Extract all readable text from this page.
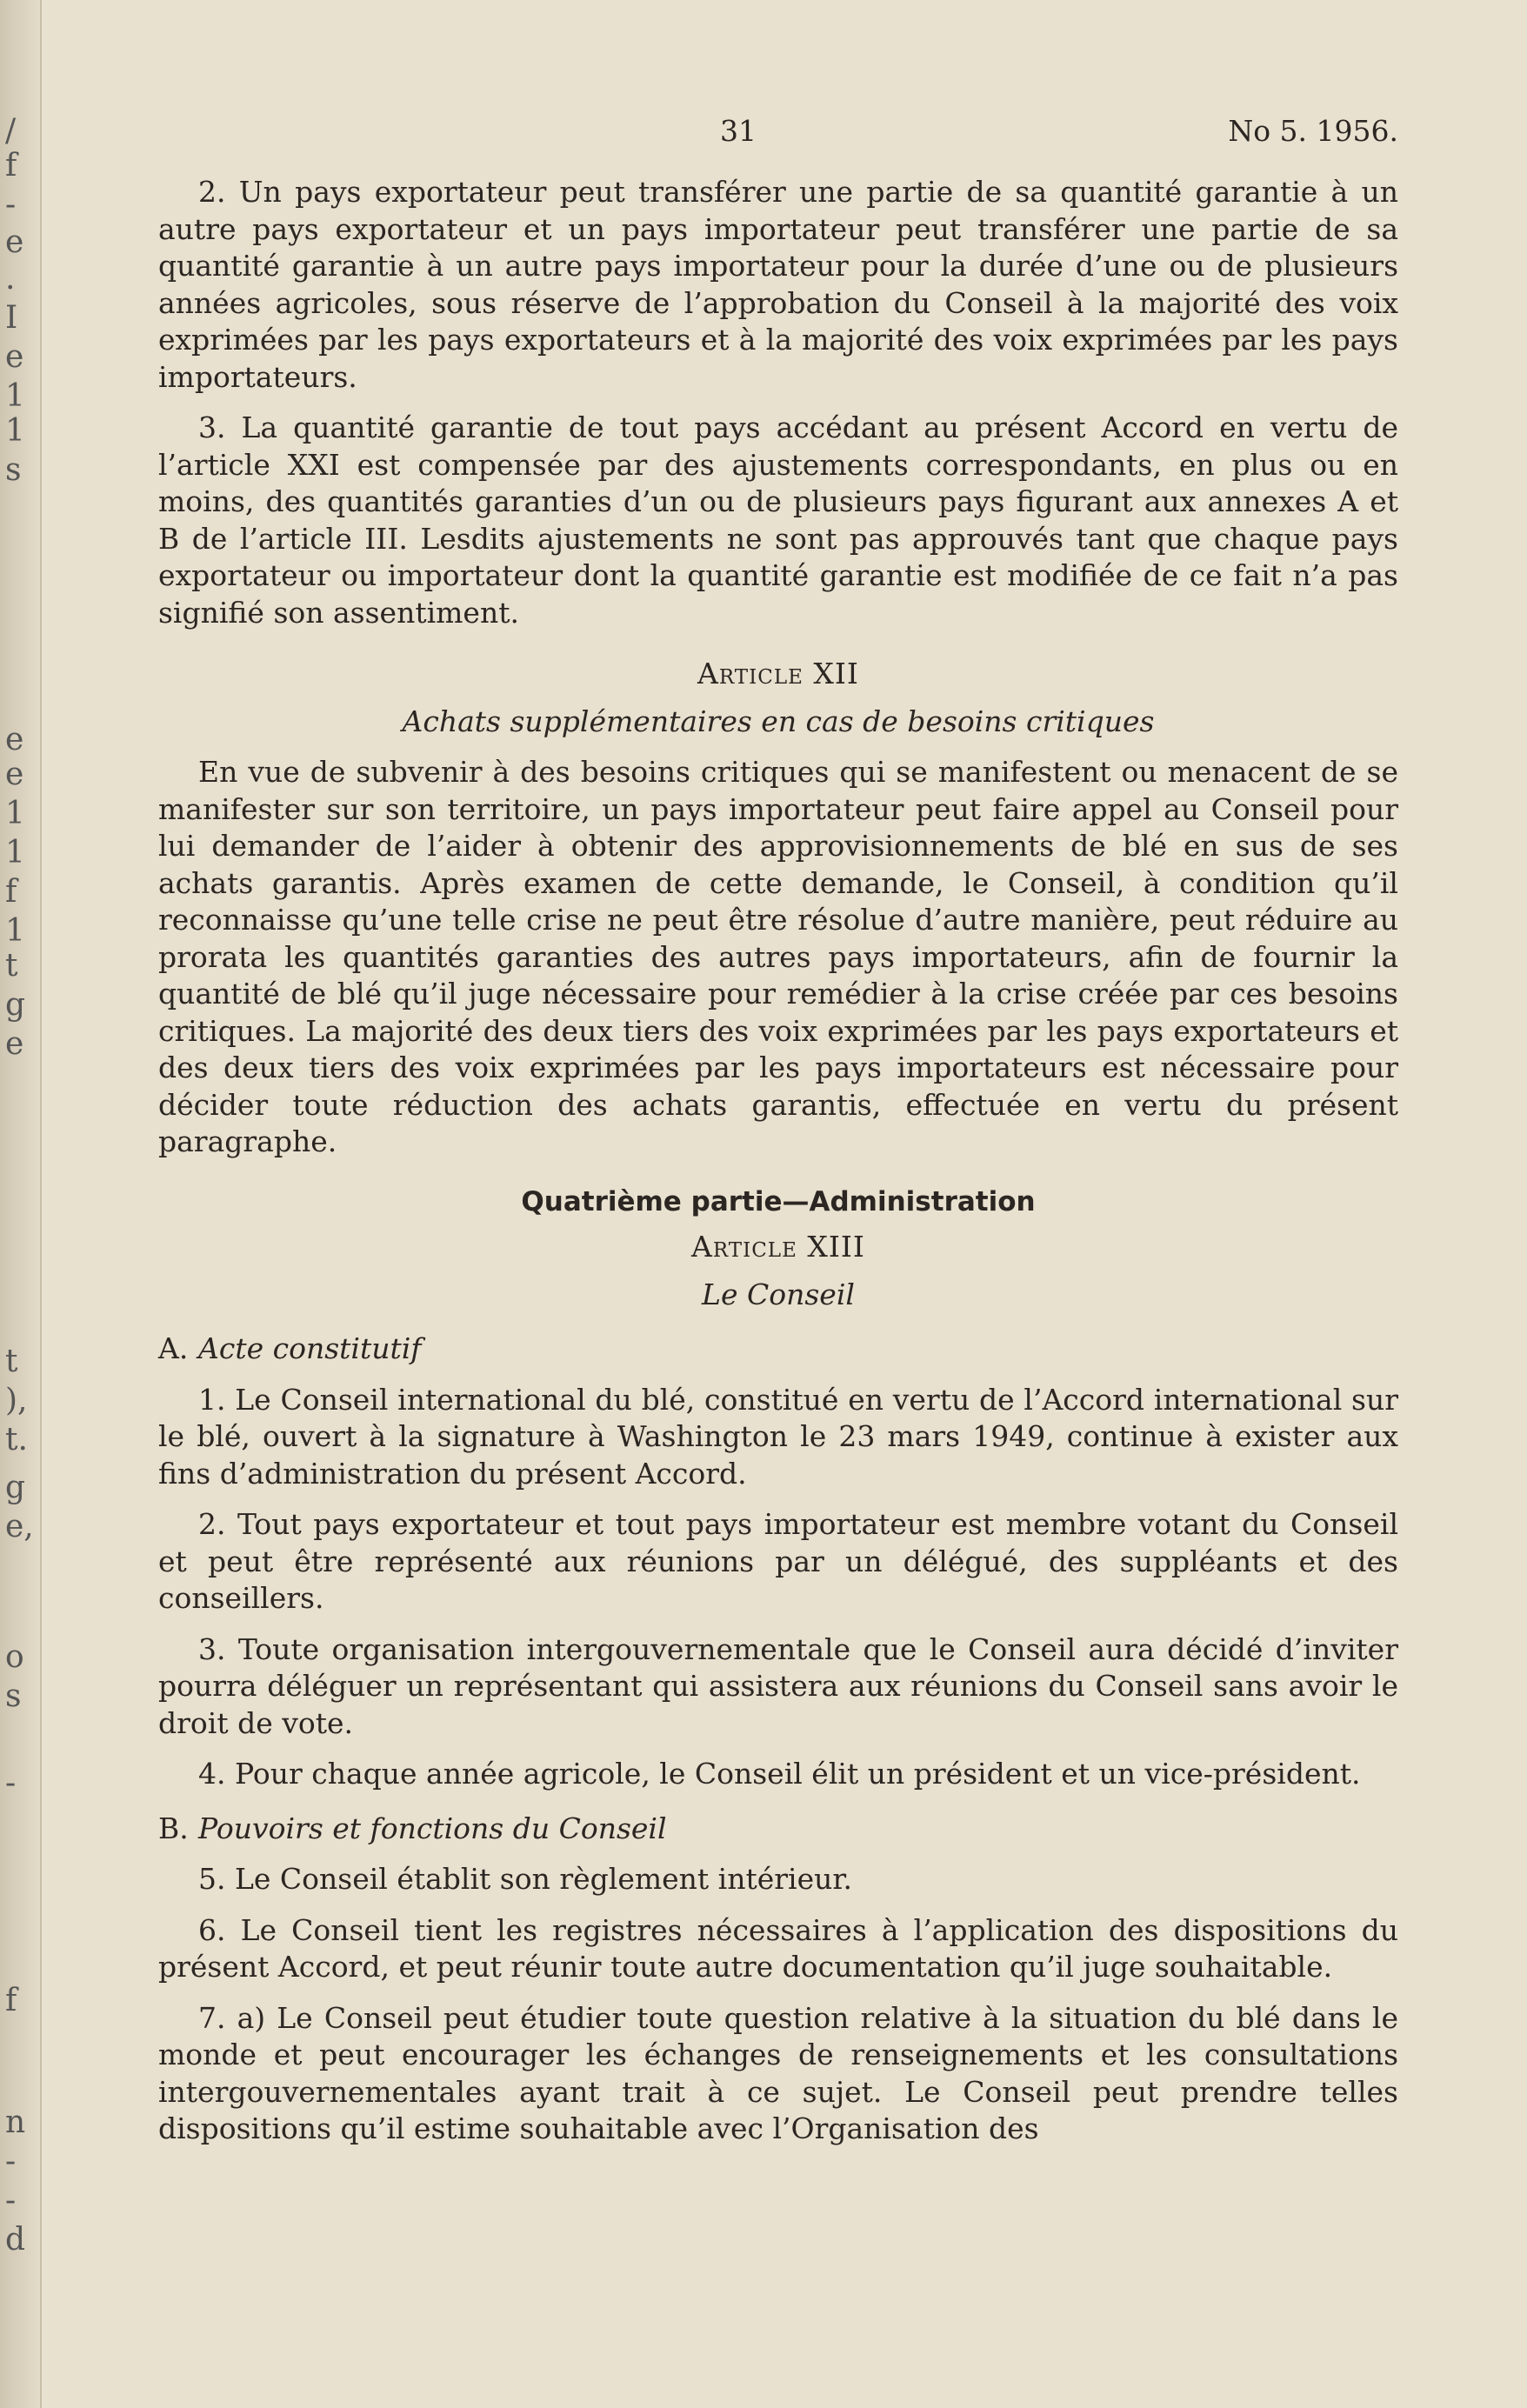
/
f
-
e
.
I
e
1
1
s
e
e
1
1
f
1
t
g
e
t
),
t.
g
e,
o
s
-
f
n
-
-
d
31	No 5. 1956.

2. Un pays exportateur peut transférer une partie de sa quantité garantie à un autre pays exportateur et un pays importateur peut transférer une partie de sa quantité garantie à un autre pays importateur pour la durée d’une ou de plusieurs années agricoles, sous réserve de l’approbation du Conseil à la majorité des voix exprimées par les pays exportateurs et à la majorité des voix exprimées par les pays importateurs.

3. La quantité garantie de tout pays accédant au présent Accord en vertu de l’article XXI est compensée par des ajustements correspondants, en plus ou en moins, des quantités garanties d’un ou de plusieurs pays figurant aux annexes A et B de l’article III. Lesdits ajustements ne sont pas approuvés tant que chaque pays exportateur ou importateur dont la quantité garantie est modifiée de ce fait n’a pas signifié son assentiment.

Article XII
Achats supplémentaires en cas de besoins critiques

En vue de subvenir à des besoins critiques qui se manifestent ou menacent de se manifester sur son territoire, un pays importateur peut faire appel au Conseil pour lui demander de l’aider à obtenir des approvisionnements de blé en sus de ses achats garantis. Après examen de cette demande, le Conseil, à condition qu’il reconnaisse qu’une telle crise ne peut être résolue d’autre manière, peut réduire au prorata les quantités garanties des autres pays importateurs, afin de fournir la quantité de blé qu’il juge nécessaire pour remédier à la crise créée par ces besoins critiques. La majorité des deux tiers des voix exprimées par les pays exportateurs et des deux tiers des voix exprimées par les pays importateurs est nécessaire pour décider toute réduction des achats garantis, effectuée en vertu du présent paragraphe.

Quatrième partie—Administration
Article XIII
Le Conseil
A. Acte constitutif

1. Le Conseil international du blé, constitué en vertu de l’Accord international sur le blé, ouvert à la signature à Washington le 23 mars 1949, continue à exister aux fins d’administration du présent Accord.

2. Tout pays exportateur et tout pays importateur est membre votant du Conseil et peut être représenté aux réunions par un délégué, des suppléants et des conseillers.

3. Toute organisation intergouvernementale que le Conseil aura décidé d’inviter pourra déléguer un représentant qui assistera aux réunions du Conseil sans avoir le droit de vote.

4. Pour chaque année agricole, le Conseil élit un président et un vice-président.

B. Pouvoirs et fonctions du Conseil

5. Le Conseil établit son règlement intérieur.

6. Le Conseil tient les registres nécessaires à l’application des dispositions du présent Accord, et peut réunir toute autre documentation qu’il juge souhaitable.

7. a) Le Conseil peut étudier toute question relative à la situation du blé dans le monde et peut encourager les échanges de renseignements et les consultations intergouvernementales ayant trait à ce sujet. Le Conseil peut prendre telles dispositions qu’il estime souhaitable avec l’Organisation des
